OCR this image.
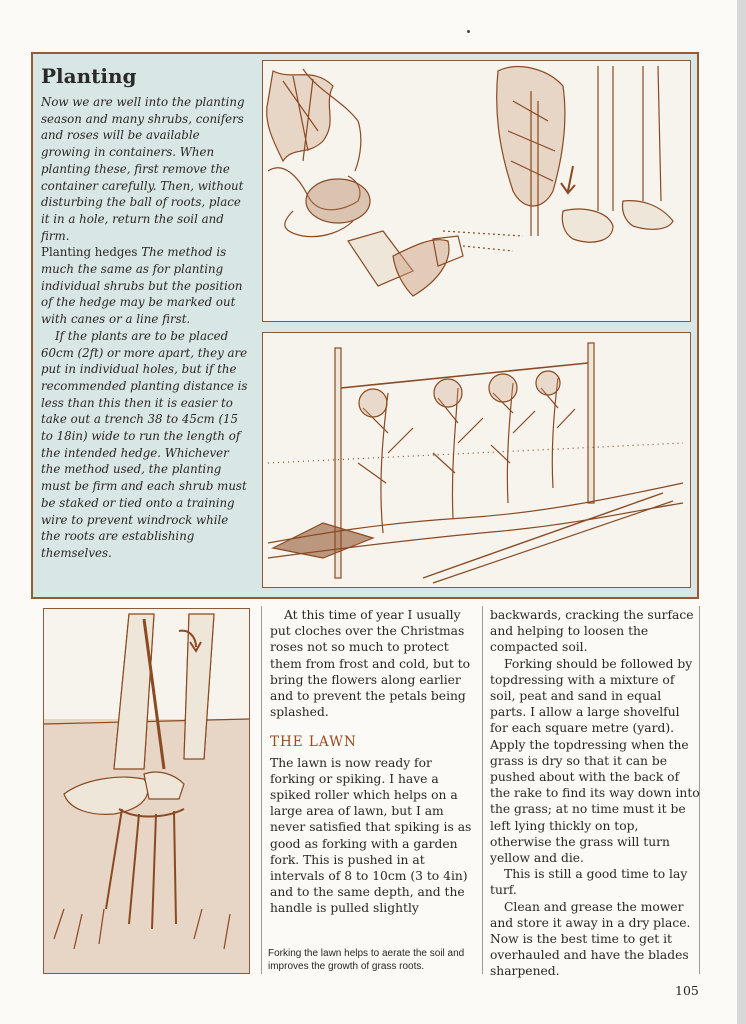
Planting

Now we are well into the planting season and many shrubs, conifers and roses will be available growing in containers. When planting these, first remove the container carefully. Then, without disturbing the ball of roots, place it in a hole, return the soil and firm.

Planting hedges The method is much the same as for planting individual shrubs but the position of the hedge may be marked out with canes or a line first.

If the plants are to be placed 60cm (2ft) or more apart, they are put in individual holes, but if the recommended planting distance is less than this then it is easier to take out a trench 38 to 45cm (15 to 18in) wide to run the length of the intended hedge. Whichever the method used, the planting must be firm and each shrub must be staked or tied onto a training wire to prevent windrock while the roots are establishing themselves.

At this time of year I usually put cloches over the Christmas roses not so much to protect them from frost and cold, but to bring the flowers along earlier and to prevent the petals being splashed.

THE LAWN

The lawn is now ready for forking or spiking. I have a spiked roller which helps on a large area of lawn, but I am never satisfied that spiking is as good as forking with a garden fork. This is pushed in at intervals of 8 to 10cm (3 to 4in) and to the same depth, and the handle is pulled slightly

Forking the lawn helps to aerate the soil and improves the growth of grass roots.

backwards, cracking the surface and helping to loosen the compacted soil.

Forking should be followed by topdressing with a mixture of soil, peat and sand in equal parts. I allow a large shovelful for each square metre (yard). Apply the topdressing when the grass is dry so that it can be pushed about with the back of the rake to find its way down into the grass; at no time must it be left lying thickly on top, otherwise the grass will turn yellow and die.

This is still a good time to lay turf.

Clean and grease the mower and store it away in a dry place. Now is the best time to get it overhauled and have the blades sharpened.

105
